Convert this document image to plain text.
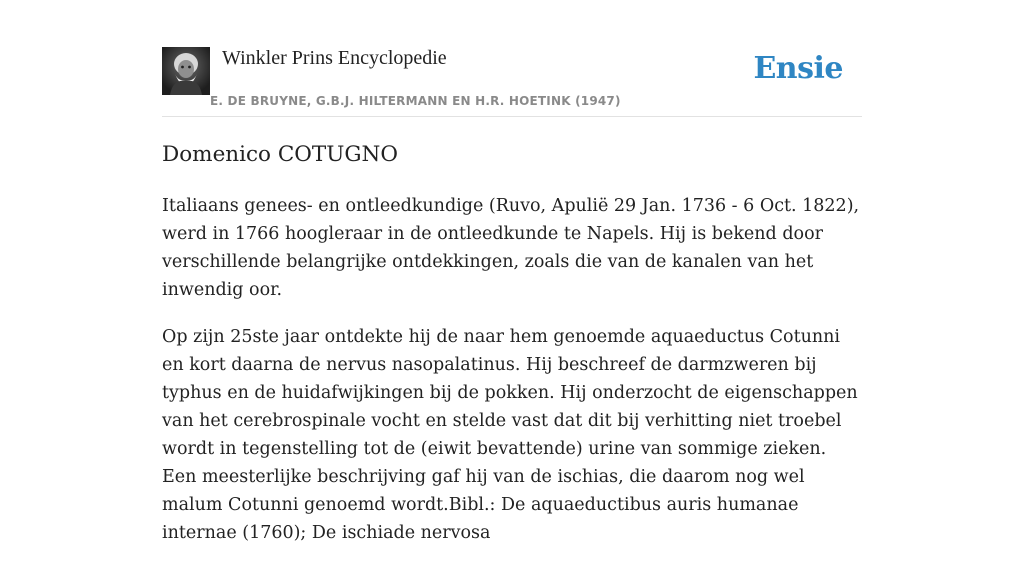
Winkler Prins Encyclopedie
E. DE BRUYNE, G.B.J. HILTERMANN EN H.R. HOETINK (1947)
Ensie
Domenico COTUGNO

Italiaans genees- en ontleedkundige (Ruvo, Apulië 29 Jan. 1736 - 6 Oct. 1822), werd in 1766 hoogleraar in de ontleedkunde te Napels. Hij is bekend door verschillende belangrijke ontdekkingen, zoals die van de kanalen van het inwendig oor.

Op zijn 25ste jaar ontdekte hij de naar hem genoemde aquaeductus Cotunni en kort daarna de nervus nasopalatinus. Hij beschreef de darmzweren bij typhus en de huidafwijkingen bij de pokken. Hij onderzocht de eigenschappen van het cerebrospinale vocht en stelde vast dat dit bij verhitting niet troebel wordt in tegenstelling tot de (eiwit bevattende) urine van sommige zieken. Een meesterlijke beschrijving gaf hij van de ischias, die daarom nog wel malum Cotunni genoemd wordt.Bibl.: De aquaeductibus auris humanae internae (1760); De ischiade nervosa
